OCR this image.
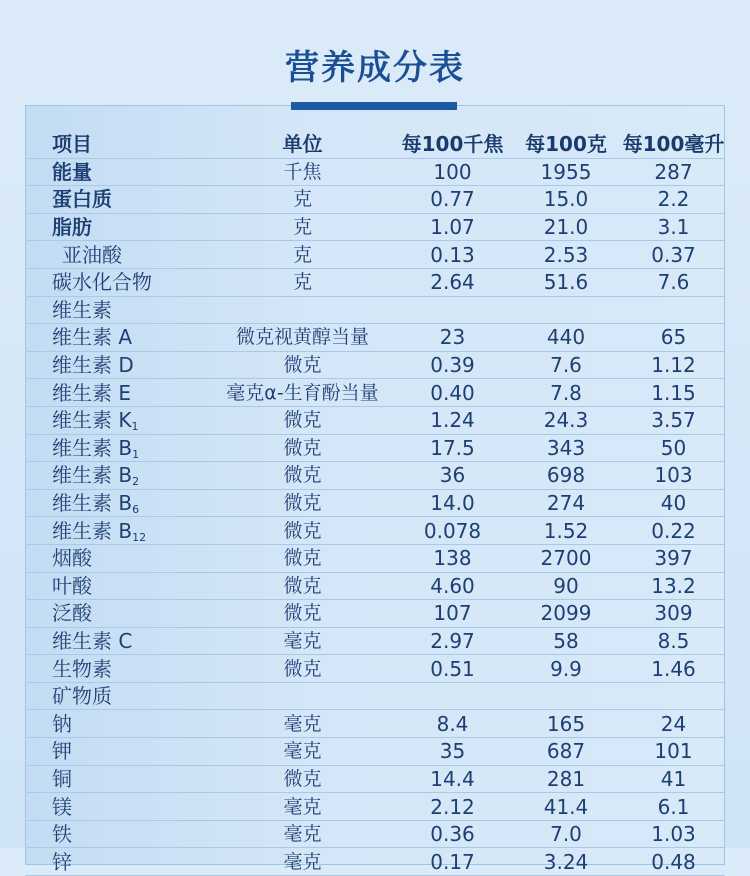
营养成分表
项目	单位	每100千焦	每100克	每100毫升
能量	千焦	100	1955	287
蛋白质	克	0.77	15.0	2.2
脂肪	克	1.07	21.0	3.1
亚油酸	克	0.13	2.53	0.37
碳水化合物	克	2.64	51.6	7.6
维生素				
维生素 A	微克视黄醇当量	23	440	65
维生素 D	微克	0.39	7.6	1.12
维生素 E	毫克α-生育酚当量	0.40	7.8	1.15
维生素 $K_1$	微克	1.24	24.3	3.57
维生素 $B_1$	微克	17.5	343	50
维生素 $B_2$	微克	36	698	103
维生素 $B_6$	微克	14.0	274	40
维生素 $B_{12}$	微克	0.078	1.52	0.22
烟酸	微克	138	2700	397
叶酸	微克	4.60	90	13.2
泛酸	微克	107	2099	309
维生素 C	毫克	2.97	58	8.5
生物素	微克	0.51	9.9	1.46
矿物质				
钠	毫克	8.4	165	24
钾	毫克	35	687	101
铜	微克	14.4	281	41
镁	毫克	2.12	41.4	6.1
铁	毫克	0.36	7.0	1.03
锌	毫克	0.17	3.24	0.48
